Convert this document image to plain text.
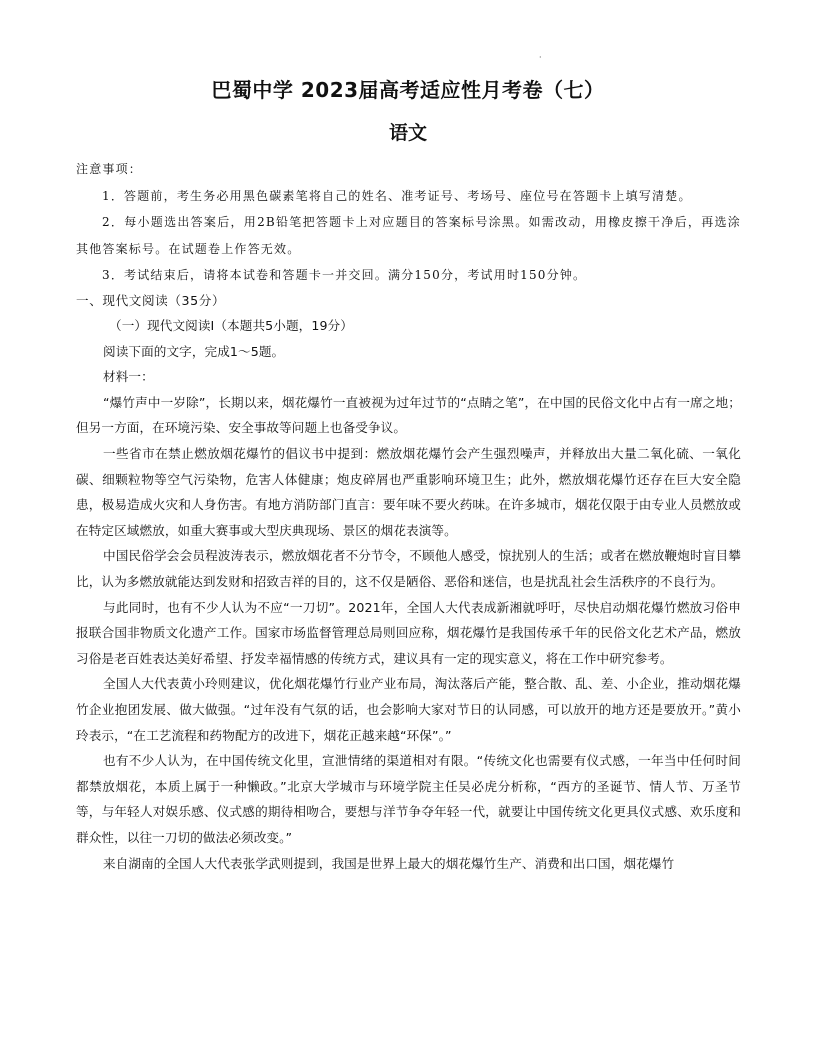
·
巴蜀中学 2023届高考适应性月考卷（七）
语文
注意事项：
1．答题前，考生务必用黑色碳素笔将自己的姓名、准考证号、考场号、座位号在答题卡上填写清楚。
2．每小题选出答案后，用2B铅笔把答题卡上对应题目的答案标号涂黑。如需改动，用橡皮擦干净后，再选涂其他答案标号。在试题卷上作答无效。
3．考试结束后，请将本试卷和答题卡一并交回。满分150分，考试用时150分钟。

一、现代文阅读（35分）

（一）现代文阅读I（本题共5小题，19分）

阅读下面的文字，完成1～5题。

材料一：

“爆竹声中一岁除”，长期以来，烟花爆竹一直被视为过年过节的“点睛之笔”，在中国的民俗文化中占有一席之地；但另一方面，在环境污染、安全事故等问题上也备受争议。

一些省市在禁止燃放烟花爆竹的倡议书中提到：燃放烟花爆竹会产生强烈噪声，并释放出大量二氧化硫、一氧化碳、细颗粒物等空气污染物，危害人体健康；炮皮碎屑也严重影响环境卫生；此外，燃放烟花爆竹还存在巨大安全隐患，极易造成火灾和人身伤害。有地方消防部门直言：要年味不要火药味。在许多城市，烟花仅限于由专业人员燃放或在特定区域燃放，如重大赛事或大型庆典现场、景区的烟花表演等。

中国民俗学会会员程波涛表示，燃放烟花者不分节令，不顾他人感受，惊扰别人的生活；或者在燃放鞭炮时盲目攀比，认为多燃放就能达到发财和招致吉祥的目的，这不仅是陋俗、恶俗和迷信，也是扰乱社会生活秩序的不良行为。

与此同时，也有不少人认为不应“一刀切”。2021年，全国人大代表成新湘就呼吁，尽快启动烟花爆竹燃放习俗申报联合国非物质文化遗产工作。国家市场监督管理总局则回应称，烟花爆竹是我国传承千年的民俗文化艺术产品，燃放习俗是老百姓表达美好希望、抒发幸福情感的传统方式，建议具有一定的现实意义，将在工作中研究参考。

全国人大代表黄小玲则建议，优化烟花爆竹行业产业布局，淘汰落后产能，整合散、乱、差、小企业，推动烟花爆竹企业抱团发展、做大做强。“过年没有气氛的话，也会影响大家对节日的认同感，可以放开的地方还是要放开。”黄小玲表示，“在工艺流程和药物配方的改进下，烟花正越来越“环保”。”

也有不少人认为，在中国传统文化里，宣泄情绪的渠道相对有限。“传统文化也需要有仪式感，一年当中任何时间都禁放烟花，本质上属于一种懒政。”北京大学城市与环境学院主任吴必虎分析称，“西方的圣诞节、情人节、万圣节等，与年轻人对娱乐感、仪式感的期待相吻合，要想与洋节争夺年轻一代，就要让中国传统文化更具仪式感、欢乐度和群众性，以往一刀切的做法必须改变。”

来自湖南的全国人大代表张学武则提到，我国是世界上最大的烟花爆竹生产、消费和出口国，烟花爆竹
